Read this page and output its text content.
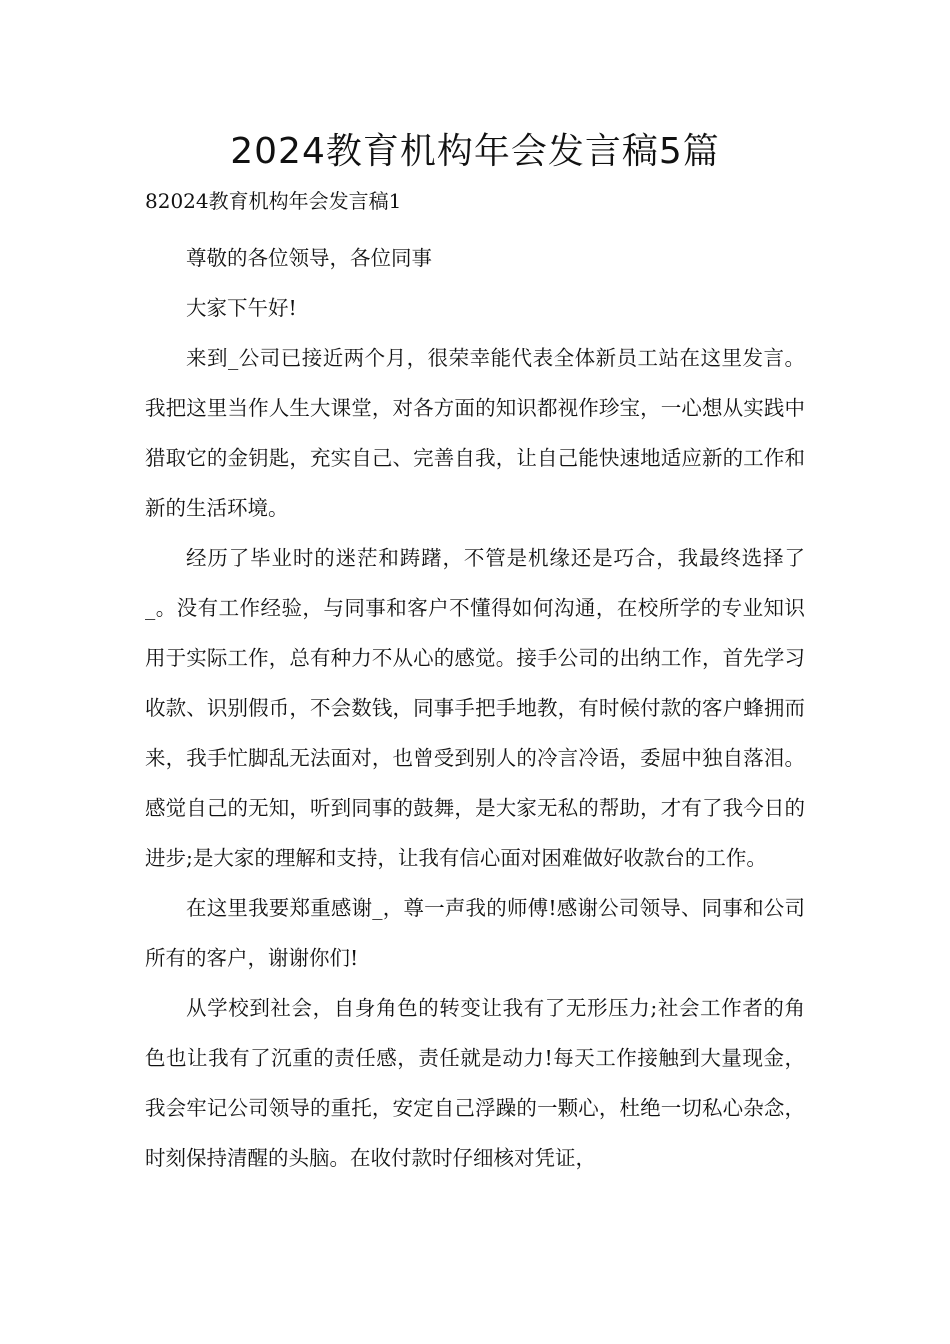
2024教育机构年会发言稿5篇
82024教育机构年会发言稿1

尊敬的各位领导，各位同事

大家下午好!

来到_公司已接近两个月，很荣幸能代表全体新员工站在这里发言。我把这里当作人生大课堂，对各方面的知识都视作珍宝，一心想从实践中猎取它的金钥匙，充实自己、完善自我，让自己能快速地适应新的工作和新的生活环境。

经历了毕业时的迷茫和踌躇，不管是机缘还是巧合，我最终选择了_。没有工作经验，与同事和客户不懂得如何沟通，在校所学的专业知识用于实际工作，总有种力不从心的感觉。接手公司的出纳工作，首先学习收款、识别假币，不会数钱，同事手把手地教，有时候付款的客户蜂拥而来，我手忙脚乱无法面对，也曾受到别人的冷言冷语，委屈中独自落泪。感觉自己的无知，听到同事的鼓舞，是大家无私的帮助，才有了我今日的进步;是大家的理解和支持，让我有信心面对困难做好收款台的工作。

在这里我要郑重感谢_，尊一声我的师傅!感谢公司领导、同事和公司所有的客户，谢谢你们!

从学校到社会，自身角色的转变让我有了无形压力;社会工作者的角色也让我有了沉重的责任感，责任就是动力!每天工作接触到大量现金，我会牢记公司领导的重托，安定自己浮躁的一颗心，杜绝一切私心杂念，时刻保持清醒的头脑。在收付款时仔细核对凭证，
